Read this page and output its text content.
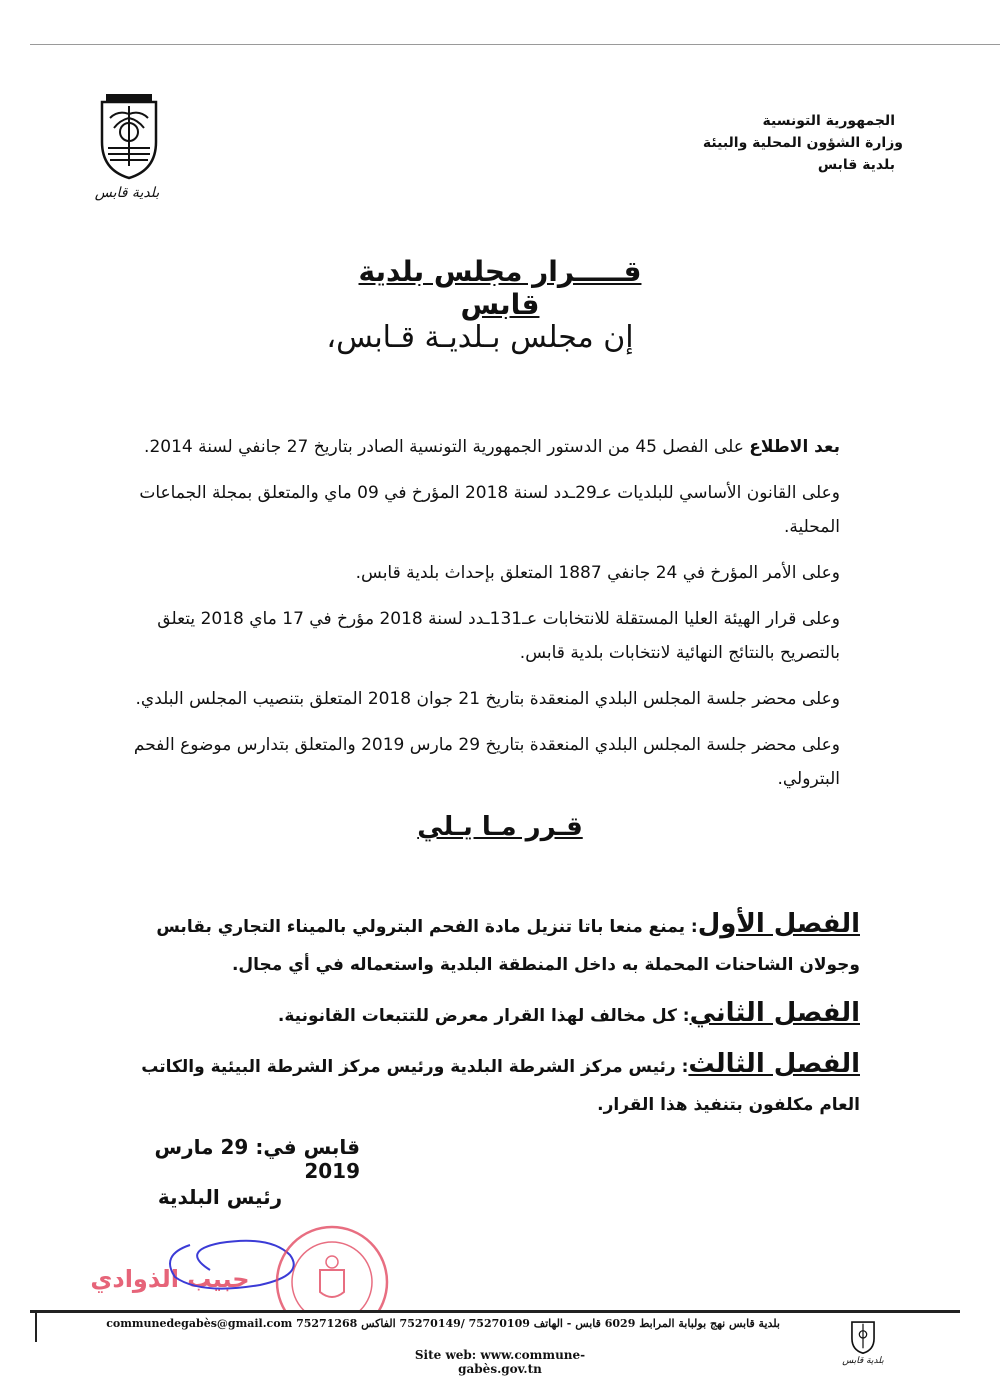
الجمهورية التونسية
وزارة الشؤون المحلية والبيئة
بلدية قابس
بلدية قابس
قـــــرار مجلس بلدية قابس
إن مجلس بـلديـة قـابس،

بعد الاطلاع على الفصل 45 من الدستور الجمهورية التونسية الصادر بتاريخ 27 جانفي لسنة 2014.

وعلى القانون الأساسي للبلديات عـ29ـدد لسنة 2018 المؤرخ في 09 ماي والمتعلق بمجلة الجماعات المحلية.

وعلى الأمر المؤرخ في 24 جانفي 1887 المتعلق بإحداث بلدية قابس.

وعلى قرار الهيئة العليا المستقلة للانتخابات عـ131ـدد لسنة 2018 مؤرخ في 17 ماي 2018 يتعلق بالتصريح بالنتائج النهائية لانتخابات بلدية قابس.

وعلى محضر جلسة المجلس البلدي المنعقدة بتاريخ 21 جوان 2018 المتعلق بتنصيب المجلس البلدي.

وعلى محضر جلسة المجلس البلدي المنعقدة بتاريخ 29 مارس 2019 والمتعلق بتدارس موضوع الفحم البترولي.

قـرر مـا يـلي

الفصل الأول: يمنع منعا باتا تنزيل مادة الفحم البترولي بالميناء التجاري بقابس وجولان الشاحنات المحملة به داخل المنطقة البلدية واستعماله في أي مجال.

الفصل الثاني: كل مخالف لهذا القرار معرض للتتبعات القانونية.

الفصل الثالث: رئيس مركز الشرطة البلدية ورئيس مركز الشرطة البيئية والكاتب العام مكلفون بتنفيذ هذا القرار.

قابس في: 29 مارس 2019
رئيس البلدية
حبيب الذوادي
بلدية قابس نهج بولبابة المرابط 6029 قابس - الهاتف 75270109 /75270149 الفاكس 75271268 communedegabès@gmail.com
Site web: www.commune-gabès.gov.tn
بلدية قابس
